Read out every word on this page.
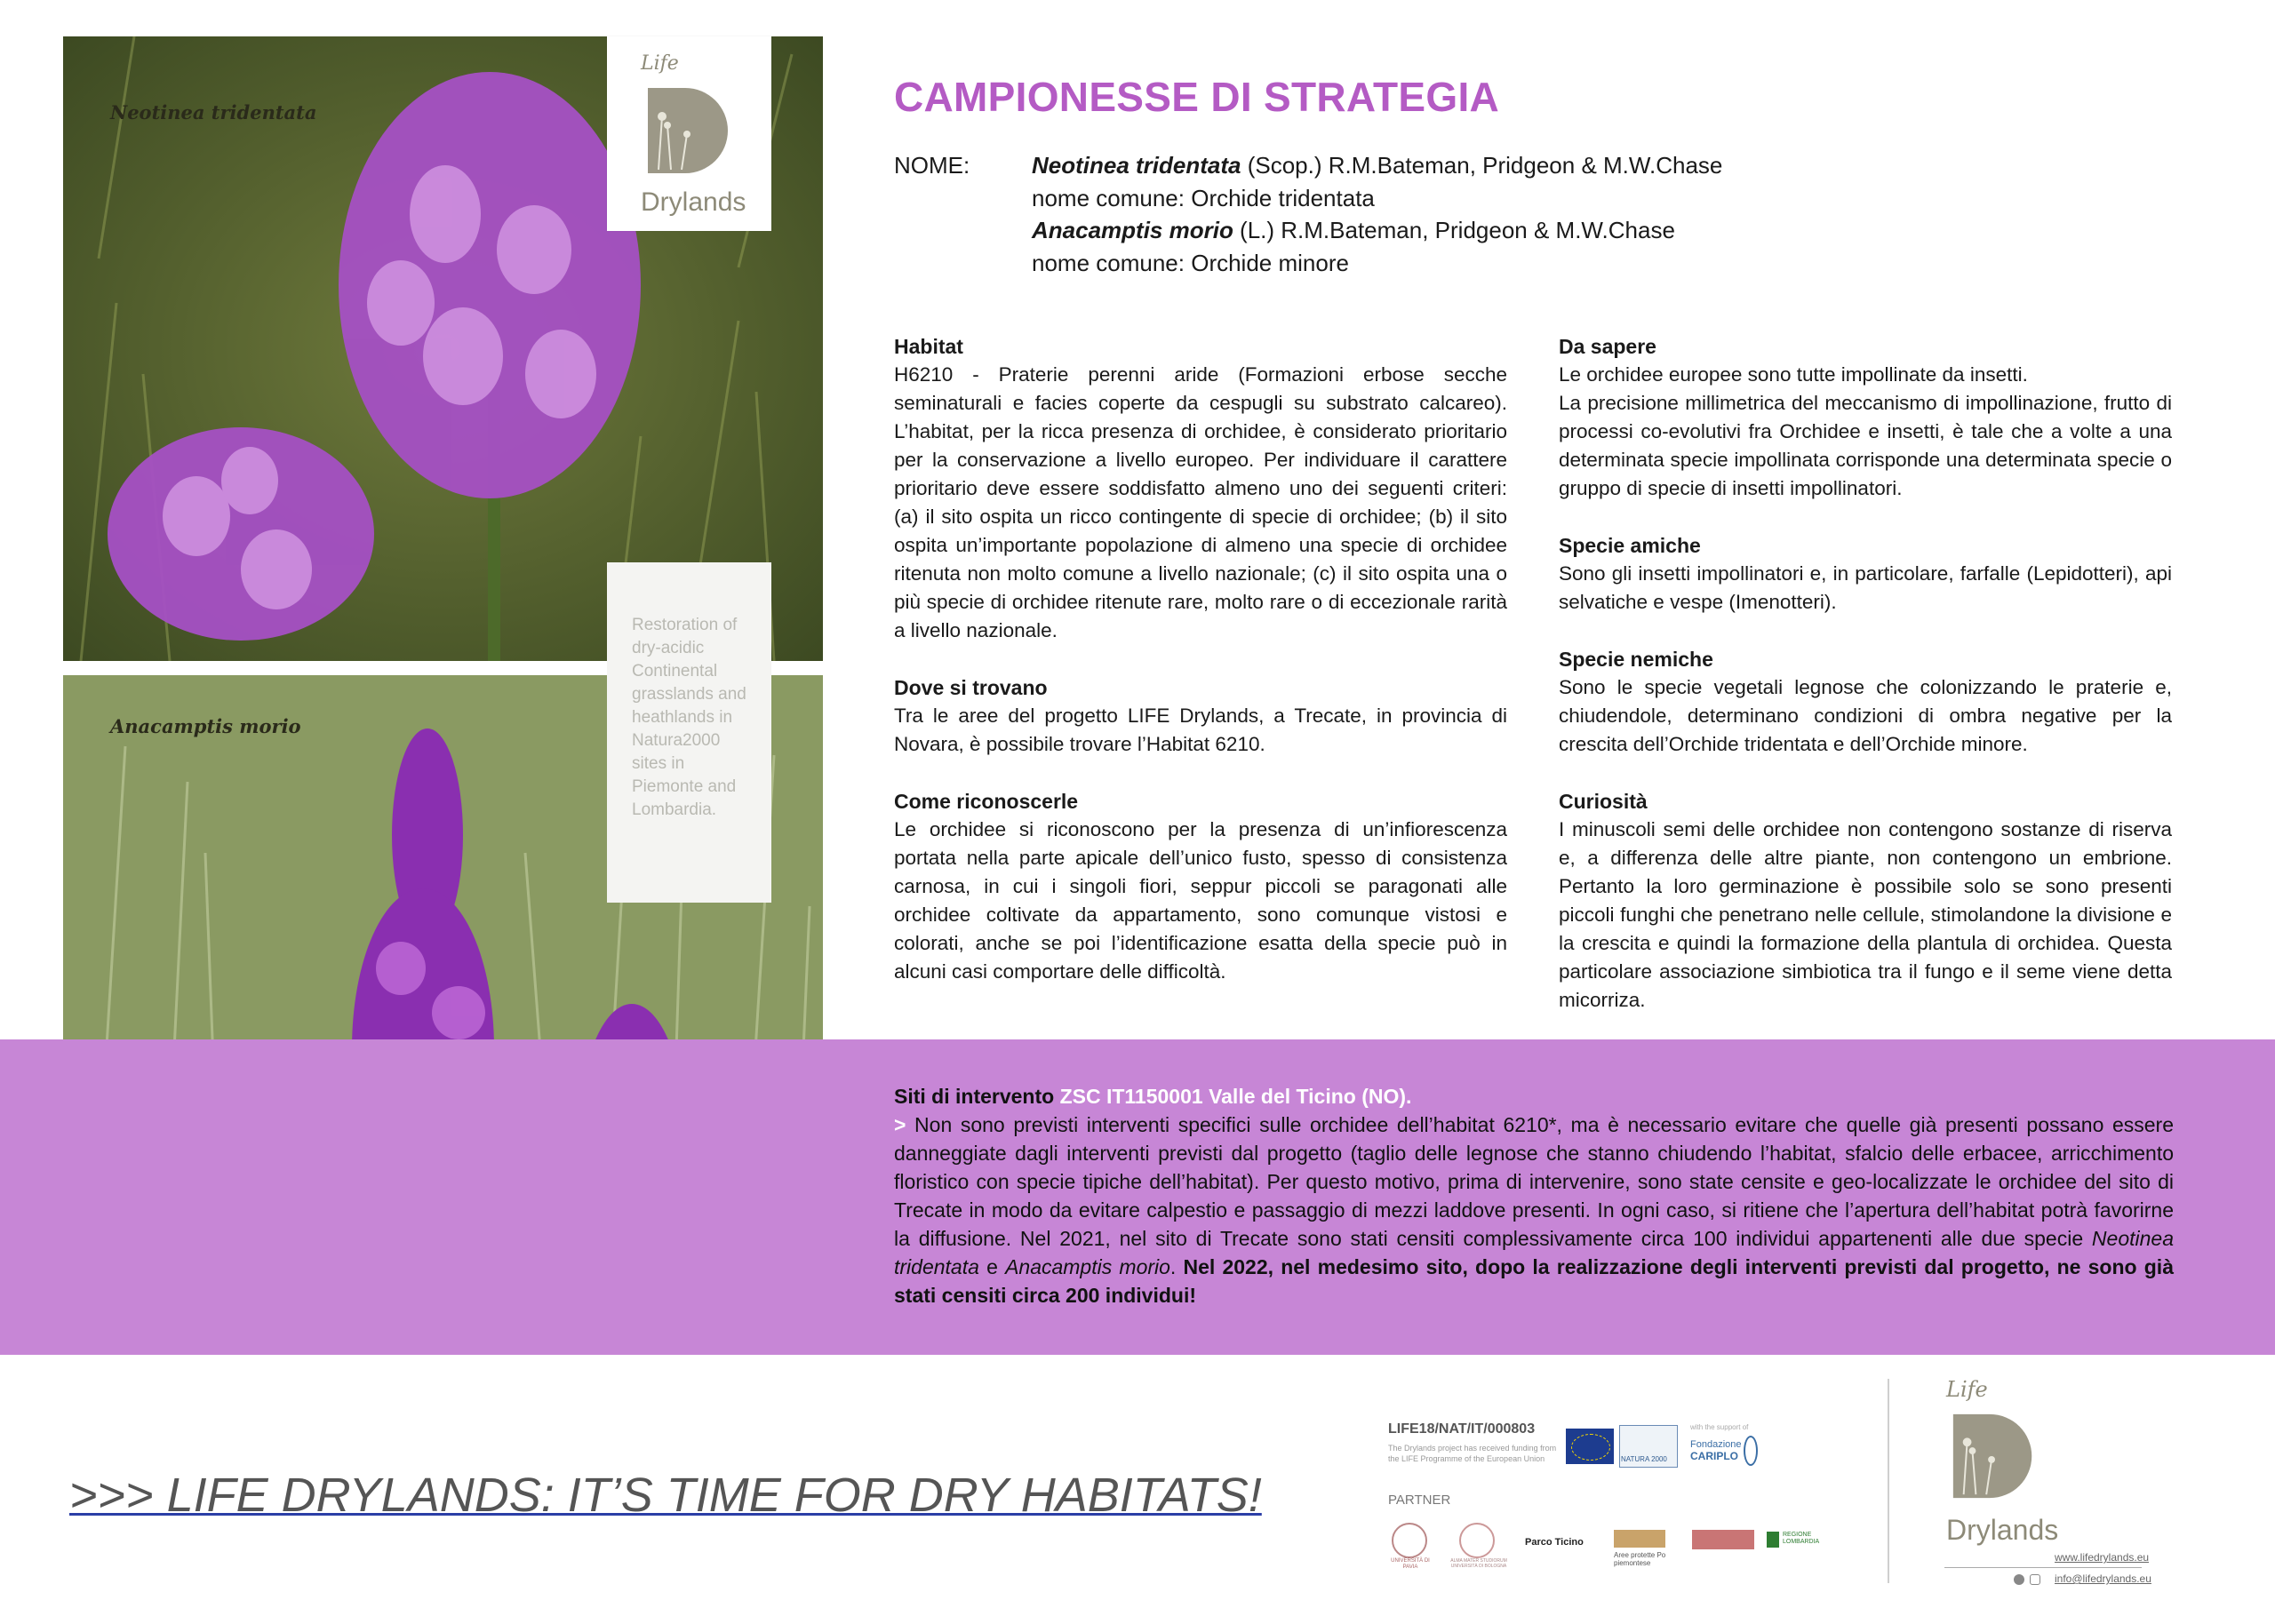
Neotinea tridentata
Anacamptis morio
Life
Drylands
Restoration of dry-acidic Continental grasslands and heathlands in Natura2000 sites in Piemonte and Lombardia.
CAMPIONESSE DI STRATEGIA
NOME:	Neotinea tridentata (Scop.) R.M.Bateman, Pridgeon & M.W.Chase
nome comune: Orchide tridentata
Anacamptis morio (L.) R.M.Bateman, Pridgeon & M.W.Chase
nome comune: Orchide minore
Habitat

H6210 - Praterie perenni aride (Formazioni erbose secche seminaturali e facies coperte da cespugli su substrato calcareo). L’habitat, per la ricca presenza di orchidee, è considerato prioritario per la conservazione a livello europeo. Per individuare il carattere prioritario deve essere soddisfatto almeno uno dei seguenti criteri: (a) il sito ospita un ricco contingente di specie di orchidee; (b) il sito ospita un’importante popolazione di almeno una specie di orchidee ritenuta non molto comune a livello nazionale; (c) il sito ospita una o più specie di orchidee ritenute rare, molto rare o di eccezionale rarità a livello nazionale.

Dove si trovano

Tra le aree del progetto LIFE Drylands, a Trecate, in provincia di Novara, è possibile trovare l’Habitat 6210.

Come riconoscerle

Le orchidee si riconoscono per la presenza di un’infiorescenza portata nella parte apicale dell’unico fusto, spesso di consistenza carnosa, in cui i singoli fiori, seppur piccoli se paragonati alle orchidee coltivate da appartamento, sono comunque vistosi e colorati, anche se poi l’identificazione esatta della specie può in alcuni casi comportare delle difficoltà.

Da sapere

Le orchidee europee sono tutte impollinate da insetti.

La precisione millimetrica del meccanismo di impollinazione, frutto di processi co-evolutivi fra Orchidee e insetti, è tale che a volte a una determinata specie impollinata corrisponde una determinata specie o gruppo di specie di insetti impollinatori.

Specie amiche

Sono gli insetti impollinatori e, in particolare, farfalle (Lepidotteri), api selvatiche e vespe (Imenotteri).

Specie nemiche

Sono le specie vegetali legnose che colonizzando le praterie e, chiudendole, determinano condizioni di ombra negative per la crescita dell’Orchide tridentata e dell’Orchide minore.

Curiosità

I minuscoli semi delle orchidee non contengono sostanze di riserva e, a differenza delle altre piante, non contengono un embrione. Pertanto la loro germinazione è possibile solo se sono presenti piccoli funghi che penetrano nelle cellule, stimolandone la divisione e la crescita e quindi la formazione della plantula di orchidea. Questa particolare associazione simbiotica tra il fungo e il seme viene detta micorriza.

Siti di intervento ZSC IT1150001 Valle del Ticino (NO).
> Non sono previsti interventi specifici sulle orchidee dell’habitat 6210*, ma è necessario evitare che quelle già presenti possano essere danneggiate dagli interventi previsti dal progetto (taglio delle legnose che stanno chiudendo l’habitat, sfalcio delle erbacee, arricchimento floristico con specie tipiche dell’habitat). Per questo motivo, prima di intervenire, sono state censite e geo-localizzate le orchidee del sito di Trecate in modo da evitare calpestio e passaggio di mezzi laddove presenti. In ogni caso, si ritiene che l’apertura dell’habitat potrà favorirne la diffusione. Nel 2021, nel sito di Trecate sono stati censiti complessivamente circa 100 individui appartenenti alle due specie Neotinea tridentata e Anacamptis morio. Nel 2022, nel medesimo sito, dopo la realizzazione degli interventi previsti dal progetto, ne sono già stati censiti circa 200 individui!
>>> LIFE DRYLANDS: IT’S TIME FOR DRY HABITATS!
LIFE18/NAT/IT/000803
The Drylands project has received funding from the LIFE Programme of the European Union	NATURA 2000
with the support of
Fondazione
CARIPLO
PARTNER
UNIVERSITÀ DI PAVIA
ALMA MATER STUDIORUM UNIVERSITÀ DI BOLOGNA
Parco Ticino
Aree protette Po piemontese
REGIONE LOMBARDIA
Life
Drylands
www.lifedrylands.eu
info@lifedrylands.eu
